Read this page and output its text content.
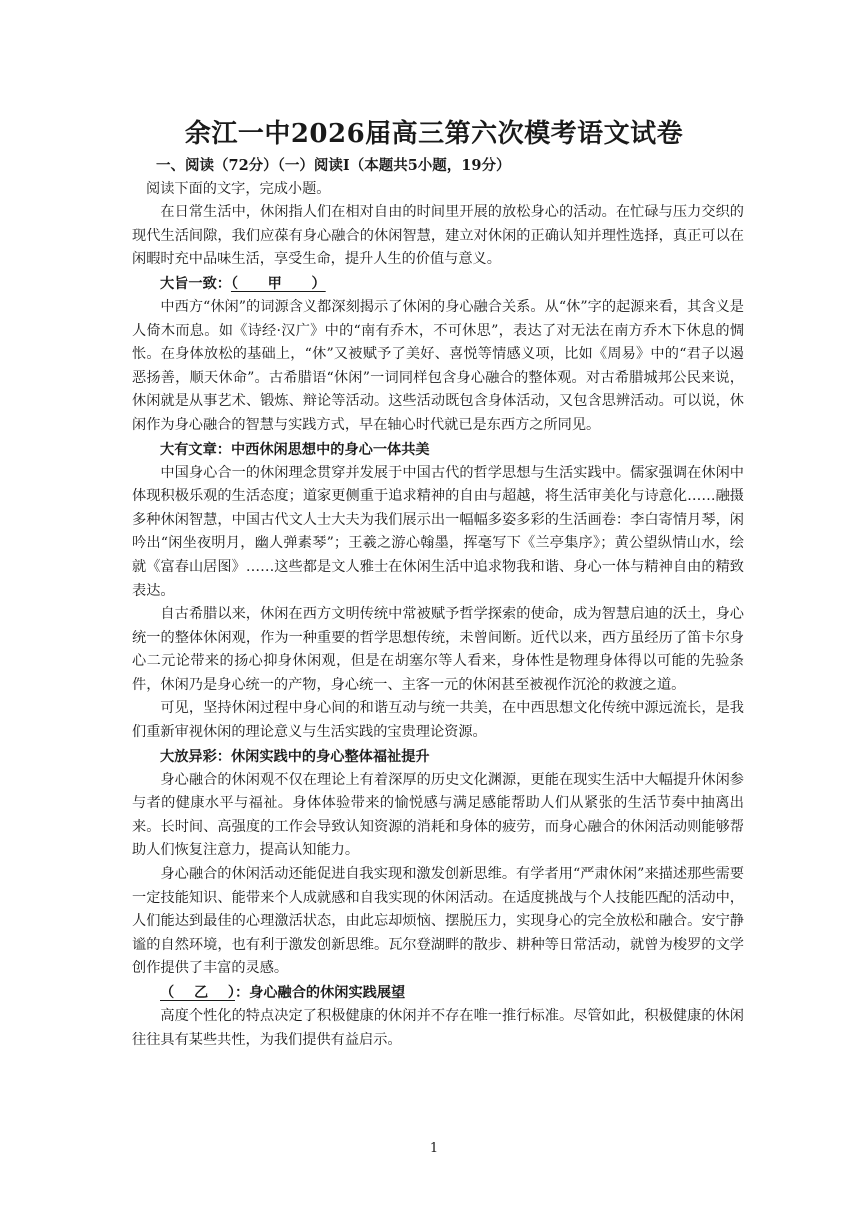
余江一中2026届高三第六次模考语文试卷

一、阅读（72分）（一）阅读Ⅰ（本题共5小题，19分）

阅读下面的文字，完成小题。

在日常生活中，休闲指人们在相对自由的时间里开展的放松身心的活动。在忙碌与压力交织的现代生活间隙，我们应葆有身心融合的休闲智慧，建立对休闲的正确认知并理性选择，真正可以在闲暇时充中品味生活，享受生命，提升人生的价值与意义。

大旨一致：（      甲      ）

中西方“休闲”的词源含义都深刻揭示了休闲的身心融合关系。从“休”字的起源来看，其含义是人倚木而息。如《诗经·汉广》中的“南有乔木，不可休思”，表达了对无法在南方乔木下休息的惆怅。在身体放松的基础上，“休”又被赋予了美好、喜悦等情感义项，比如《周易》中的“君子以遏恶扬善，顺天休命”。古希腊语“休闲”一词同样包含身心融合的整体观。对古希腊城邦公民来说，休闲就是从事艺术、锻炼、辩论等活动。这些活动既包含身体活动，又包含思辨活动。可以说，休闲作为身心融合的智慧与实践方式，早在轴心时代就已是东西方之所同见。

大有文章：中西休闲思想中的身心一体共美

中国身心合一的休闲理念贯穿并发展于中国古代的哲学思想与生活实践中。儒家强调在休闲中体现积极乐观的生活态度；道家更侧重于追求精神的自由与超越，将生活审美化与诗意化……融摄多种休闲智慧，中国古代文人士大夫为我们展示出一幅幅多姿多彩的生活画卷：李白寄情月琴，闲吟出“闲坐夜明月，幽人弹素琴”；王羲之游心翰墨，挥毫写下《兰亭集序》；黄公望纵情山水，绘就《富春山居图》……这些都是文人雅士在休闲生活中追求物我和谐、身心一体与精神自由的精致表达。

自古希腊以来，休闲在西方文明传统中常被赋予哲学探索的使命，成为智慧启迪的沃土，身心统一的整体休闲观，作为一种重要的哲学思想传统，未曾间断。近代以来，西方虽经历了笛卡尔身心二元论带来的扬心抑身休闲观，但是在胡塞尔等人看来，身体性是物理身体得以可能的先验条件，休闲乃是身心统一的产物，身心统一、主客一元的休闲甚至被视作沉沦的救渡之道。

可见，坚持休闲过程中身心间的和谐互动与统一共美，在中西思想文化传统中源远流长，是我们重新审视休闲的理论意义与生活实践的宝贵理论资源。

大放异彩：休闲实践中的身心整体福祉提升

身心融合的休闲观不仅在理论上有着深厚的历史文化渊源，更能在现实生活中大幅提升休闲参与者的健康水平与福祉。身体体验带来的愉悦感与满足感能帮助人们从紧张的生活节奏中抽离出来。长时间、高强度的工作会导致认知资源的消耗和身体的疲劳，而身心融合的休闲活动则能够帮助人们恢复注意力，提高认知能力。

身心融合的休闲活动还能促进自我实现和激发创新思维。有学者用“严肃休闲”来描述那些需要一定技能知识、能带来个人成就感和自我实现的休闲活动。在适度挑战与个人技能匹配的活动中，人们能达到最佳的心理激活状态，由此忘却烦恼、摆脱压力，实现身心的完全放松和融合。安宁静谧的自然环境，也有利于激发创新思维。瓦尔登湖畔的散步、耕种等日常活动，就曾为梭罗的文学创作提供了丰富的灵感。

（    乙    ）：身心融合的休闲实践展望

高度个性化的特点决定了积极健康的休闲并不存在唯一推行标准。尽管如此，积极健康的休闲往往具有某些共性，为我们提供有益启示。

1
